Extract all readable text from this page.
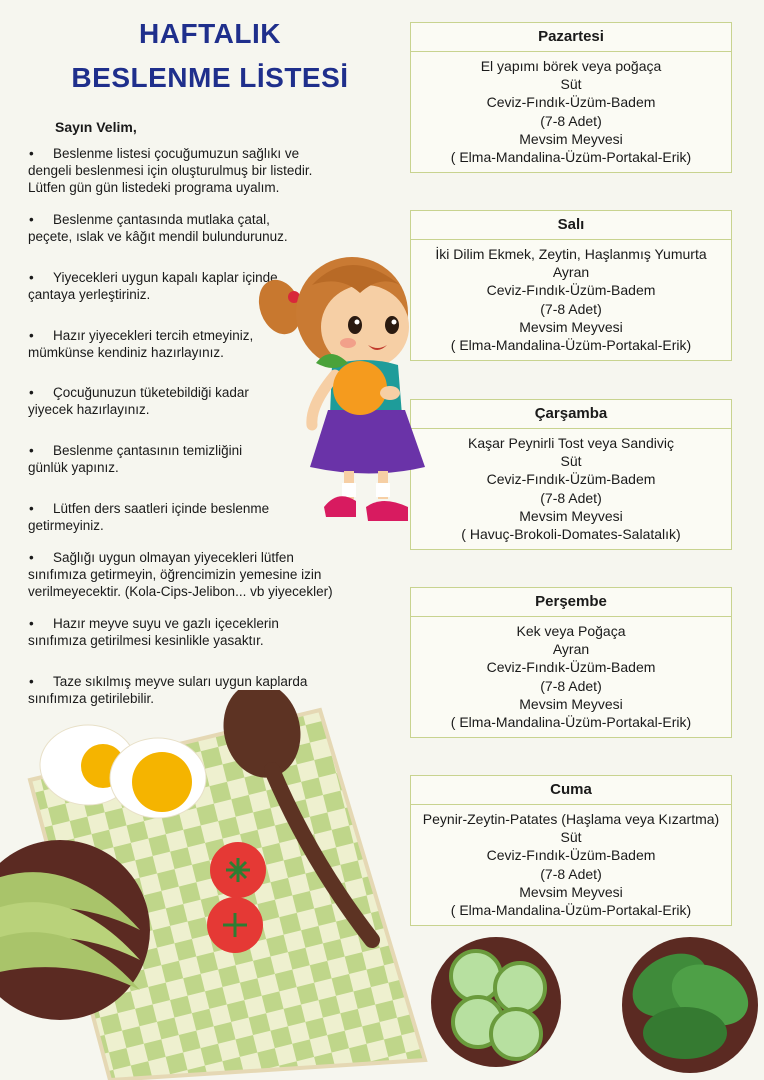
HAFTALIK
BESLENME LİSTESİ
Sayın Velim,
• Beslenme listesi çocuğumuzun sağlıkı ve
dengeli beslenmesi için oluşturulmuş bir listedir.
Lütfen gün gün listedeki programa uyalım.
• Beslenme çantasında mutlaka çatal,
peçete, ıslak ve kâğıt mendil bulundurunuz.
• Yiyecekleri uygun kapalı kaplar içinde
çantaya yerleştiriniz.
• Hazır yiyecekleri tercih etmeyiniz,
mümkünse kendiniz hazırlayınız.
• Çocuğunuzun tüketebildiği kadar
yiyecek hazırlayınız.
• Beslenme çantasının temizliğini
günlük yapınız.
• Lütfen ders saatleri içinde beslenme
getirmeyiniz.
• Sağlığı uygun olmayan yiyecekleri lütfen
sınıfımıza getirmeyin, öğrencimizin yemesine izin
verilmeyecektir. (Kola-Cips-Jelibon... vb yiyecekler)
• Hazır meyve suyu ve gazlı içeceklerin
sınıfımıza getirilmesi kesinlikle yasaktır.
• Taze sıkılmış meyve suları uygun kaplarda
sınıfımıza getirilebilir.
Pazartesi
El yapımı börek veya poğaça
Süt
Ceviz-Fındık-Üzüm-Badem
(7-8 Adet)
Mevsim Meyvesi
( Elma-Mandalina-Üzüm-Portakal-Erik)
Salı
İki Dilim Ekmek, Zeytin, Haşlanmış Yumurta
Ayran
Ceviz-Fındık-Üzüm-Badem
(7-8 Adet)
Mevsim Meyvesi
( Elma-Mandalina-Üzüm-Portakal-Erik)
Çarşamba
Kaşar Peynirli Tost veya Sandiviç
Süt
Ceviz-Fındık-Üzüm-Badem
(7-8 Adet)
Mevsim Meyvesi
( Havuç-Brokoli-Domates-Salatalık)
Perşembe
Kek veya Poğaça
Ayran
Ceviz-Fındık-Üzüm-Badem
(7-8 Adet)
Mevsim Meyvesi
( Elma-Mandalina-Üzüm-Portakal-Erik)
Cuma
Peynir-Zeytin-Patates (Haşlama veya Kızartma)
Süt
Ceviz-Fındık-Üzüm-Badem
(7-8 Adet)
Mevsim Meyvesi
( Elma-Mandalina-Üzüm-Portakal-Erik)
